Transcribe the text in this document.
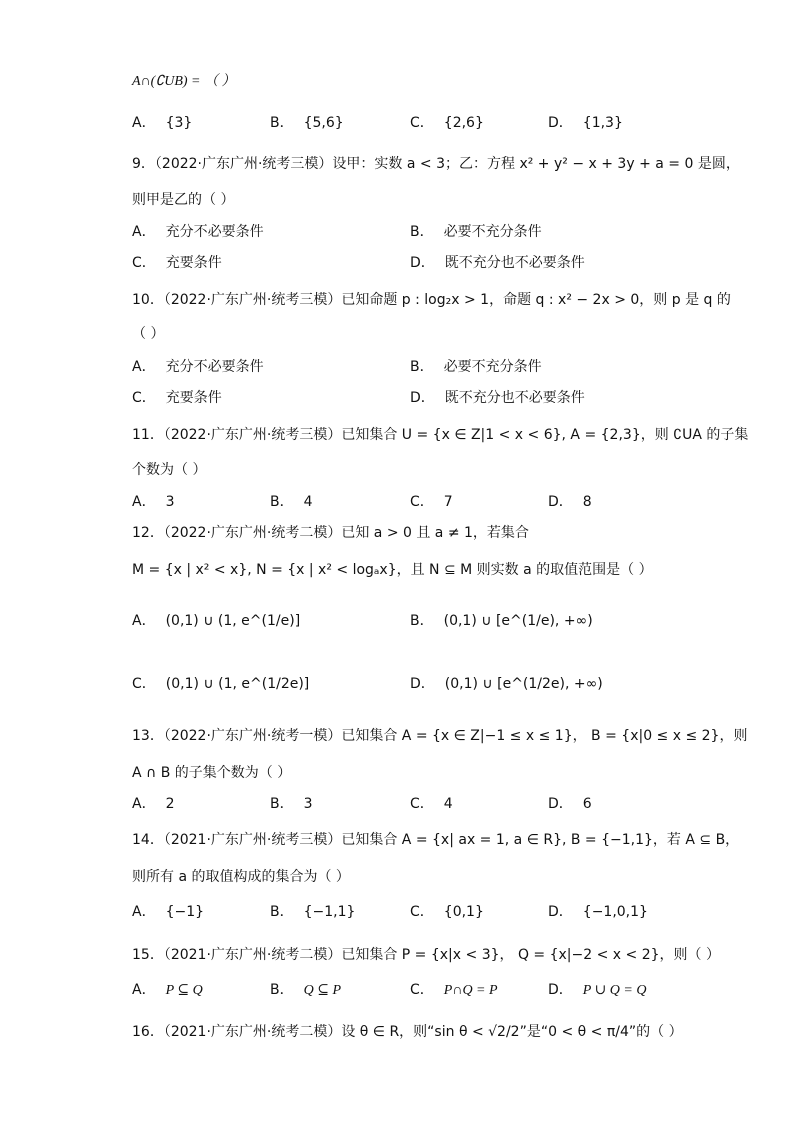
A∩(∁UB) = （ ）
A． {3}	B． {5,6}	C． {2,6}	D． {1,3}
9．（2022·广东广州·统考三模）设甲：实数 a < 3；乙：方程 x² + y² − x + 3y + a = 0 是圆，
则甲是乙的（ ）
A． 充分不必要条件	B． 必要不充分条件
C． 充要条件	D． 既不充分也不必要条件
10．（2022·广东广州·统考三模）已知命题 p : log₂x > 1，命题 q : x² − 2x > 0，则 p 是 q 的
（ ）
A． 充分不必要条件	B． 必要不充分条件
C． 充要条件	D． 既不充分也不必要条件
11．（2022·广东广州·统考三模）已知集合 U = {x ∈ Z|1 < x < 6}, A = {2,3}，则 ∁UA 的子集
个数为（ ）
A． 3	B． 4	C． 7	D． 8
12．（2022·广东广州·统考二模）已知 a > 0 且 a ≠ 1，若集合
M = {x | x² < x}, N = {x | x² < logₐx}，且 N ⊆ M 则实数 a 的取值范围是（ ）
A． (0,1) ∪ (1, e^(1/e)]	B． (0,1) ∪ [e^(1/e), +∞)
C． (0,1) ∪ (1, e^(1/2e)]	D． (0,1) ∪ [e^(1/2e), +∞)
13．（2022·广东广州·统考一模）已知集合 A = {x ∈ Z|−1 ≤ x ≤ 1}， B = {x|0 ≤ x ≤ 2}，则
A ∩ B 的子集个数为（ ）
A． 2	B． 3	C． 4	D． 6
14．（2021·广东广州·统考三模）已知集合 A = {x| ax = 1, a ∈ R}, B = {−1,1}，若 A ⊆ B，
则所有 a 的取值构成的集合为（ ）
A． {−1}	B． {−1,1}	C． {0,1}	D． {−1,0,1}
15．（2021·广东广州·统考二模）已知集合 P = {x|x < 3}， Q = {x|−2 < x < 2}，则（ ）
A． P ⊆ Q	B． Q ⊆ P	C． P∩Q = P	D． P ∪ Q = Q
16．（2021·广东广州·统考二模）设 θ ∈ R，则“sin θ < √2/2”是“0 < θ < π/4”的（ ）
